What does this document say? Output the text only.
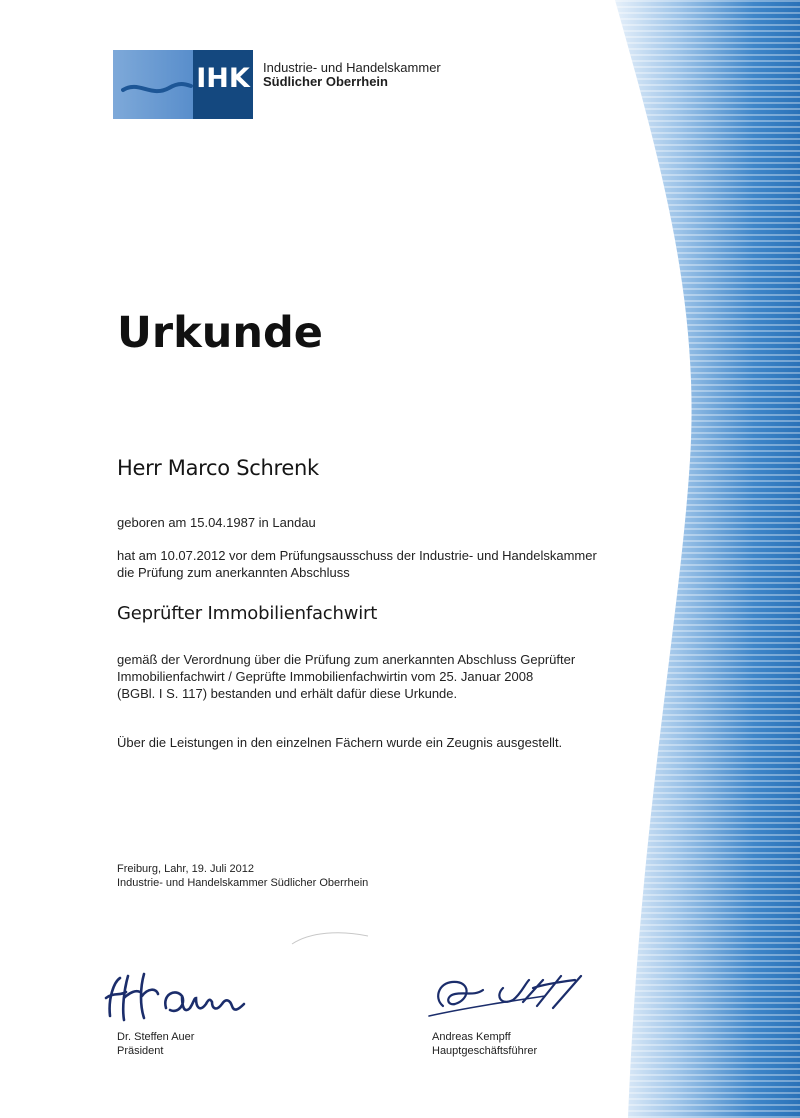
IHK Industrie- und Handelskammer
Südlicher Oberrhein
Urkunde
Herr Marco Schrenk
geboren am 15.04.1987 in Landau
hat am 10.07.2012 vor dem Prüfungsausschuss der Industrie- und Handelskammer
die Prüfung zum anerkannten Abschluss
Geprüfter Immobilienfachwirt
gemäß der Verordnung über die Prüfung zum anerkannten Abschluss Geprüfter
Immobilienfachwirt / Geprüfte Immobilienfachwirtin vom 25. Januar 2008
(BGBl. I S. 117) bestanden und erhält dafür diese Urkunde.
Über die Leistungen in den einzelnen Fächern wurde ein Zeugnis ausgestellt.
Freiburg, Lahr, 19. Juli 2012
Industrie- und Handelskammer Südlicher Oberrhein
Dr. Steffen Auer
Präsident
Andreas Kempff
Hauptgeschäftsführer
